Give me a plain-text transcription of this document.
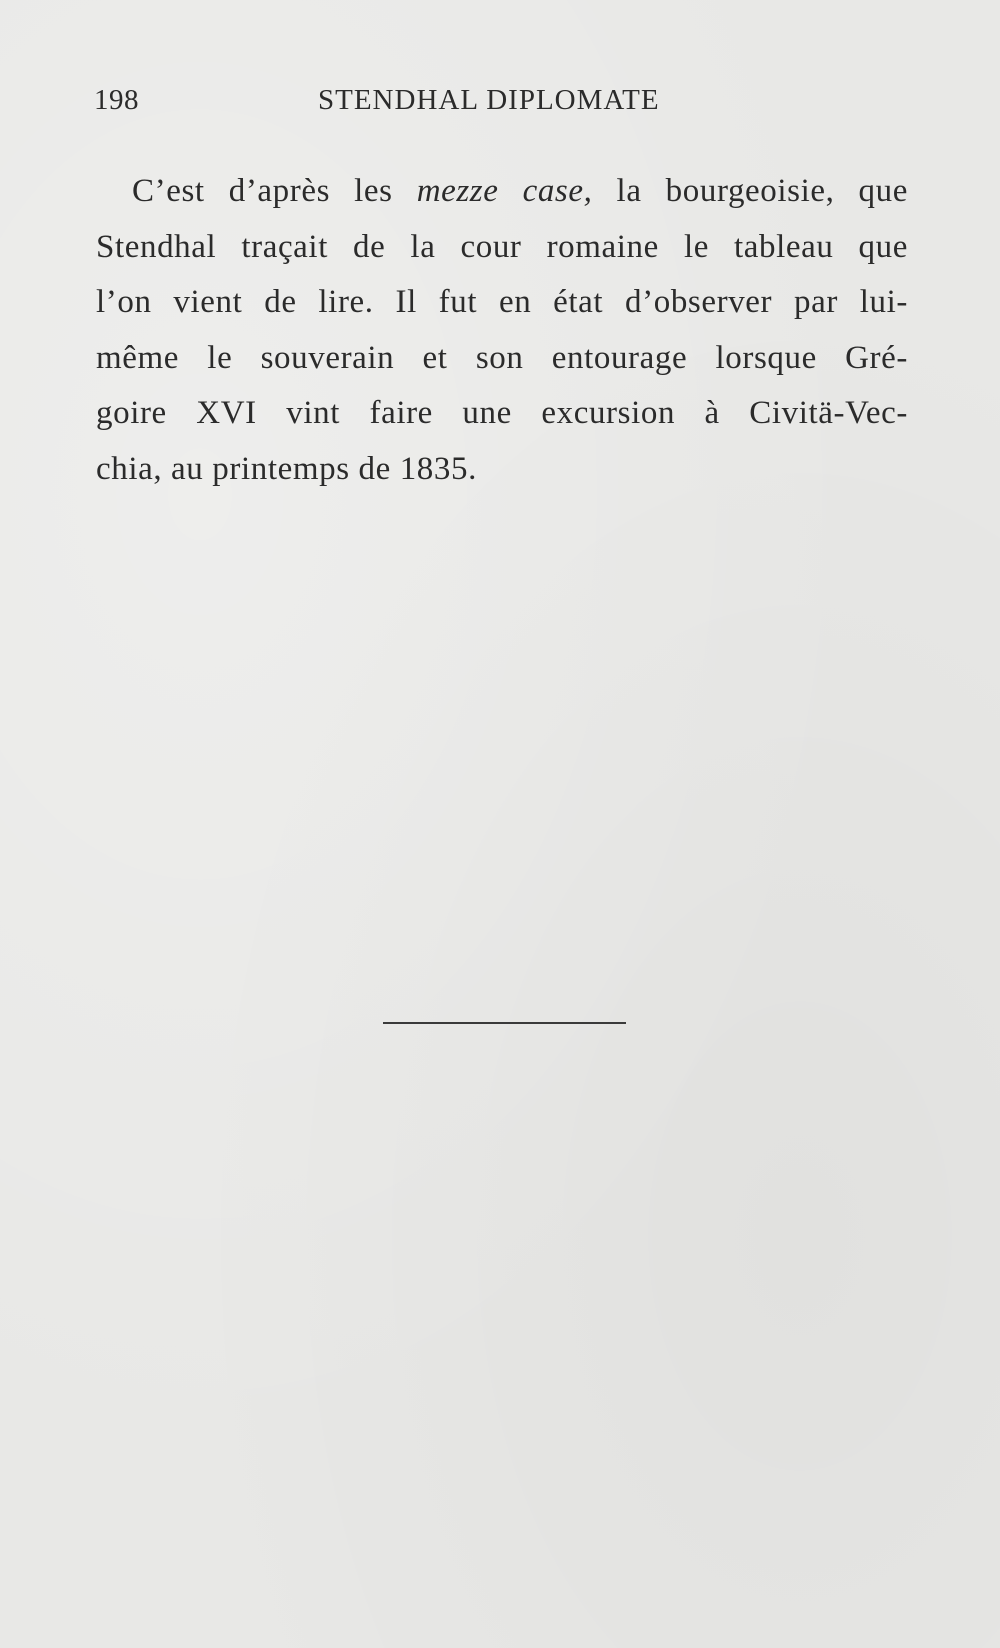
198	STENDHAL DIPLOMATE
C’est d’après les mezze case, la bourgeoisie, que
Stendhal traçait de la cour romaine le tableau que
l’on vient de lire. Il fut en état d’observer par lui-
même le souverain et son entourage lorsque Gré-
goire XVI vint faire une excursion à Civitä-Vec-
chia, au printemps de 1835.
